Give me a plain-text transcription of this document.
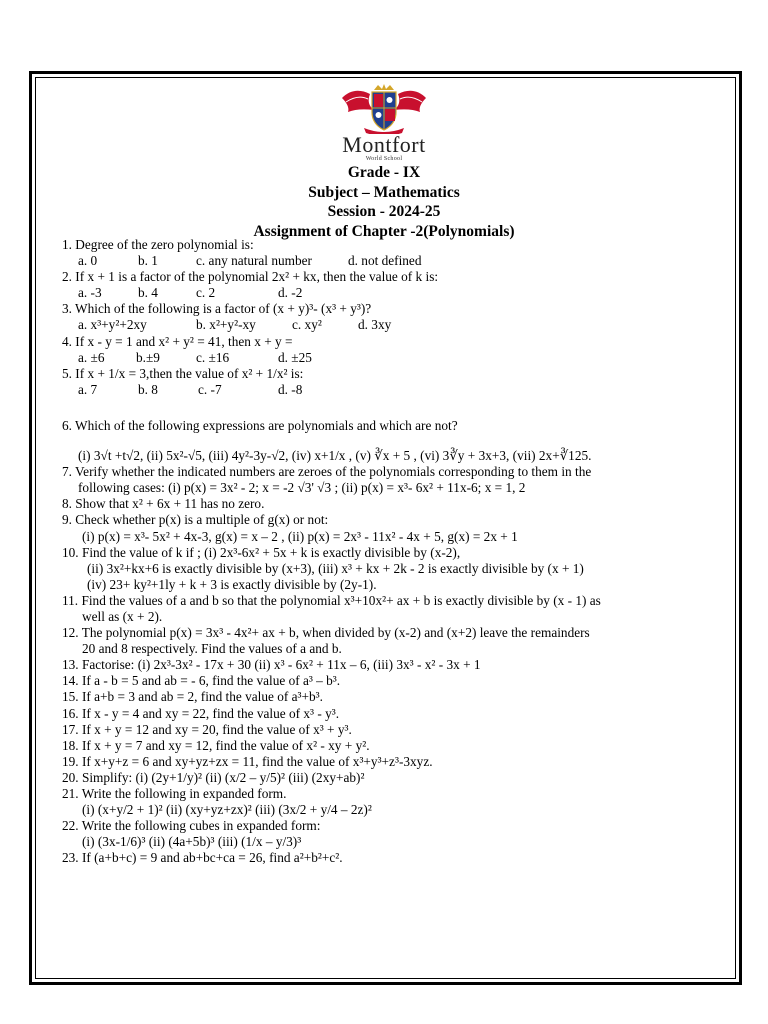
Montfort
World School
Grade - IX
Subject – Mathematics
Session - 2024-25
Assignment of Chapter -2(Polynomials)
1. Degree of the zero polynomial is:
a. 0	b. 1	c. any natural number	d. not defined
2. If x + 1 is a factor of the polynomial 2x² + kx, then the value of k is:
a. -3	b. 4	c. 2	d. -2
3. Which of the following is a factor of (x + y)³- (x³ + y³)?
a. x³+y²+2xy	b. x²+y²-xy	c. xy²	d. 3xy
4. If x - y = 1 and x² + y² = 41, then x + y =
a. ±6 b.±9	c. ±16	d. ±25
5. If x + 1/x = 3,then the value of x² + 1/x² is:
a. 7	b. 8	c. -7	d. -8
6. Which of the following expressions are polynomials and which are not?
(i) 3√t +t√2, (ii) 5x²-√5, (iii) 4y²-3y-√2, (iv) x+1/x , (v) ∛x + 5 , (vi) 3∛y + 3x+3, (vii) 2x+∛125.
7. Verify whether the indicated numbers are zeroes of the polynomials corresponding to them in the
following cases: (i) p(x) = 3x² - 2; x = -2 √3' √3 ; (ii) p(x) = x³- 6x² + 11x-6; x = 1, 2
8. Show that x² + 6x + 11 has no zero.
9. Check whether p(x) is a multiple of g(x) or not:
(i) p(x) = x³- 5x² + 4x-3, g(x) = x – 2 , (ii) p(x) = 2x³ - 11x² - 4x + 5, g(x) = 2x + 1
10. Find the value of k if ; (i) 2x³-6x² + 5x + k is exactly divisible by (x-2),
(ii) 3x²+kx+6 is exactly divisible by (x+3), (iii) x³ + kx + 2k - 2 is exactly divisible by (x + 1)
(iv) 23+ ky²+1ly + k + 3 is exactly divisible by (2y-1).
11. Find the values of a and b so that the polynomial x³+10x²+ ax + b is exactly divisible by (x - 1) as
well as (x + 2).
12. The polynomial p(x) = 3x³ - 4x²+ ax + b, when divided by (x-2) and (x+2) leave the remainders
20 and 8 respectively. Find the values of a and b.
13. Factorise: (i) 2x³-3x² - 17x + 30 (ii) x³ - 6x² + 11x – 6, (iii) 3x³ - x² - 3x + 1
14. If a - b = 5 and ab = - 6, find the value of a³ – b³.
15. If a+b = 3 and ab = 2, find the value of a³+b³.
16. If x - y = 4 and xy = 22, find the value of x³ - y³.
17. If x + y = 12 and xy = 20, find the value of x³ + y³.
18. If x + y = 7 and xy = 12, find the value of x² - xy + y².
19. If x+y+z = 6 and xy+yz+zx = 11, find the value of x³+y³+z³-3xyz.
20. Simplify: (i) (2y+1/y)² (ii) (x/2 – y/5)² (iii) (2xy+ab)²
21. Write the following in expanded form.
(i) (x+y/2 + 1)² (ii) (xy+yz+zx)² (iii) (3x/2 + y/4 – 2z)²
22. Write the following cubes in expanded form:
(i) (3x-1/6)³ (ii) (4a+5b)³ (iii) (1/x – y/3)³
23. If (a+b+c) = 9 and ab+bc+ca = 26, find a²+b²+c².
